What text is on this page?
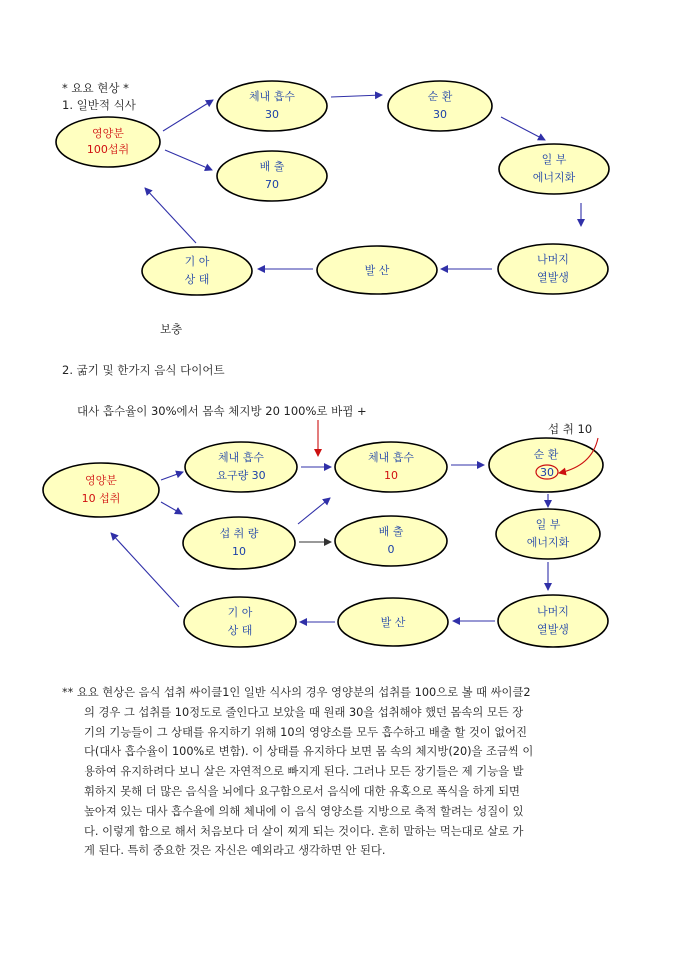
* 요요 현상 *
1. 일반적 식사
보충
2. 굶기 및 한가지 음식 다이어트
대사 흡수율이 30%에서 몸속 체지방 20 100%로 바뀜 +
섭 취 10
영양분
100섭취
체내 흡수
30
순 환
30
배 출
70
일 부
에너지화
나머지
열발생
발 산
기 아
상 태
영양분
10 섭취
체내 흡수
요구량 30
섭 취 량
10
체내 흡수
10
배 출
0
순 환
30
일 부
에너지화
나머지
열발생
발 산
기 아
상 태
** 요요 현상은 음식 섭취 싸이클1인 일반 식사의 경우 영양분의 섭취를 100으로 볼 때 싸이클2
의 경우 그 섭취를 10정도로 줄인다고 보았을 때 원래 30을 섭취해야 했던 몸속의 모든 장
기의 기능들이 그 상태를 유지하기 위해 10의 영양소를 모두 흡수하고 배출 할 것이 없어진
다(대사 흡수율이 100%로 변함). 이 상태를 유지하다 보면 몸 속의 체지방(20)을 조금씩 이
용하여 유지하려다 보니 살은 자연적으로 빠지게 된다. 그러나 모든 장기들은 제 기능을 발
휘하지 못해 더 많은 음식을 뇌에다 요구함으로서 음식에 대한 유혹으로 폭식을 하게 되면
높아져 있는 대사 흡수율에 의해 체내에 이 음식 영양소를 지방으로 축적 할려는 성질이 있
다. 이렇게 함으로 해서 처음보다 더 살이 찌게 되는 것이다. 흔히 말하는 먹는대로 살로 가
게 된다. 특히 중요한 것은 자신은 예외라고 생각하면 안 된다.
